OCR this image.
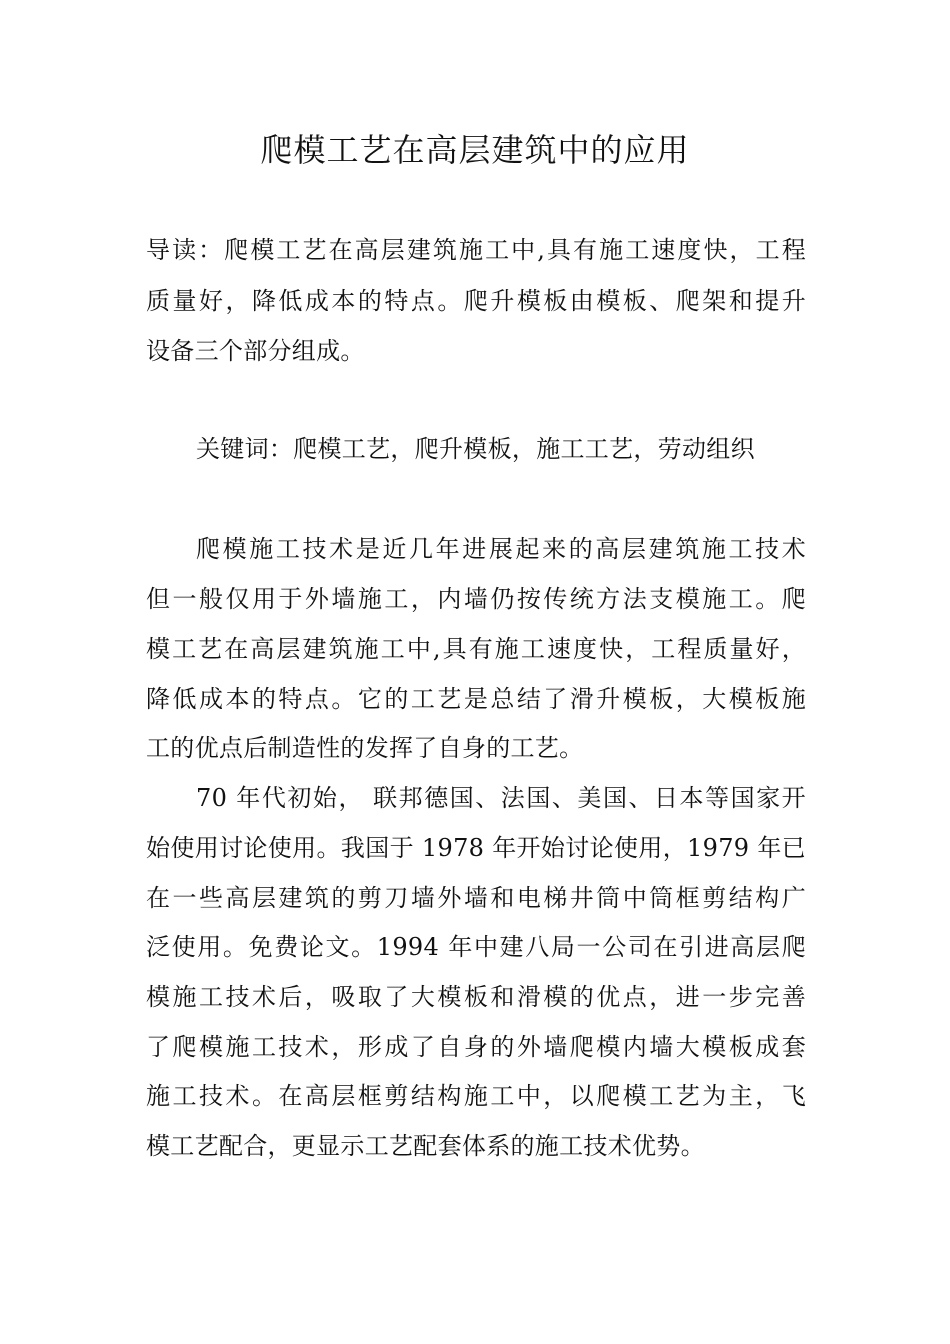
爬模工艺在高层建筑中的应用
导读：爬模工艺在高层建筑施工中,具有施工速度快，工程
质量好，降低成本的特点。爬升模板由模板、爬架和提升
设备三个部分组成。
关键词：爬模工艺，爬升模板，施工工艺，劳动组织
爬模施工技术是近几年进展起来的高层建筑施工技术
但一般仅用于外墙施工，内墙仍按传统方法支模施工。爬
模工艺在高层建筑施工中,具有施工速度快，工程质量好，
降低成本的特点。它的工艺是总结了滑升模板，大模板施
工的优点后制造性的发挥了自身的工艺。
70 年代初始， 联邦德国、法国、美国、日本等国家开
始使用讨论使用。我国于 1978 年开始讨论使用，1979 年已
在一些高层建筑的剪刀墙外墙和电梯井筒中筒框剪结构广
泛使用。免费论文。1994 年中建八局一公司在引进高层爬
模施工技术后，吸取了大模板和滑模的优点，进一步完善
了爬模施工技术，形成了自身的外墙爬模内墙大模板成套
施工技术。在高层框剪结构施工中，以爬模工艺为主，飞
模工艺配合，更显示工艺配套体系的施工技术优势。
